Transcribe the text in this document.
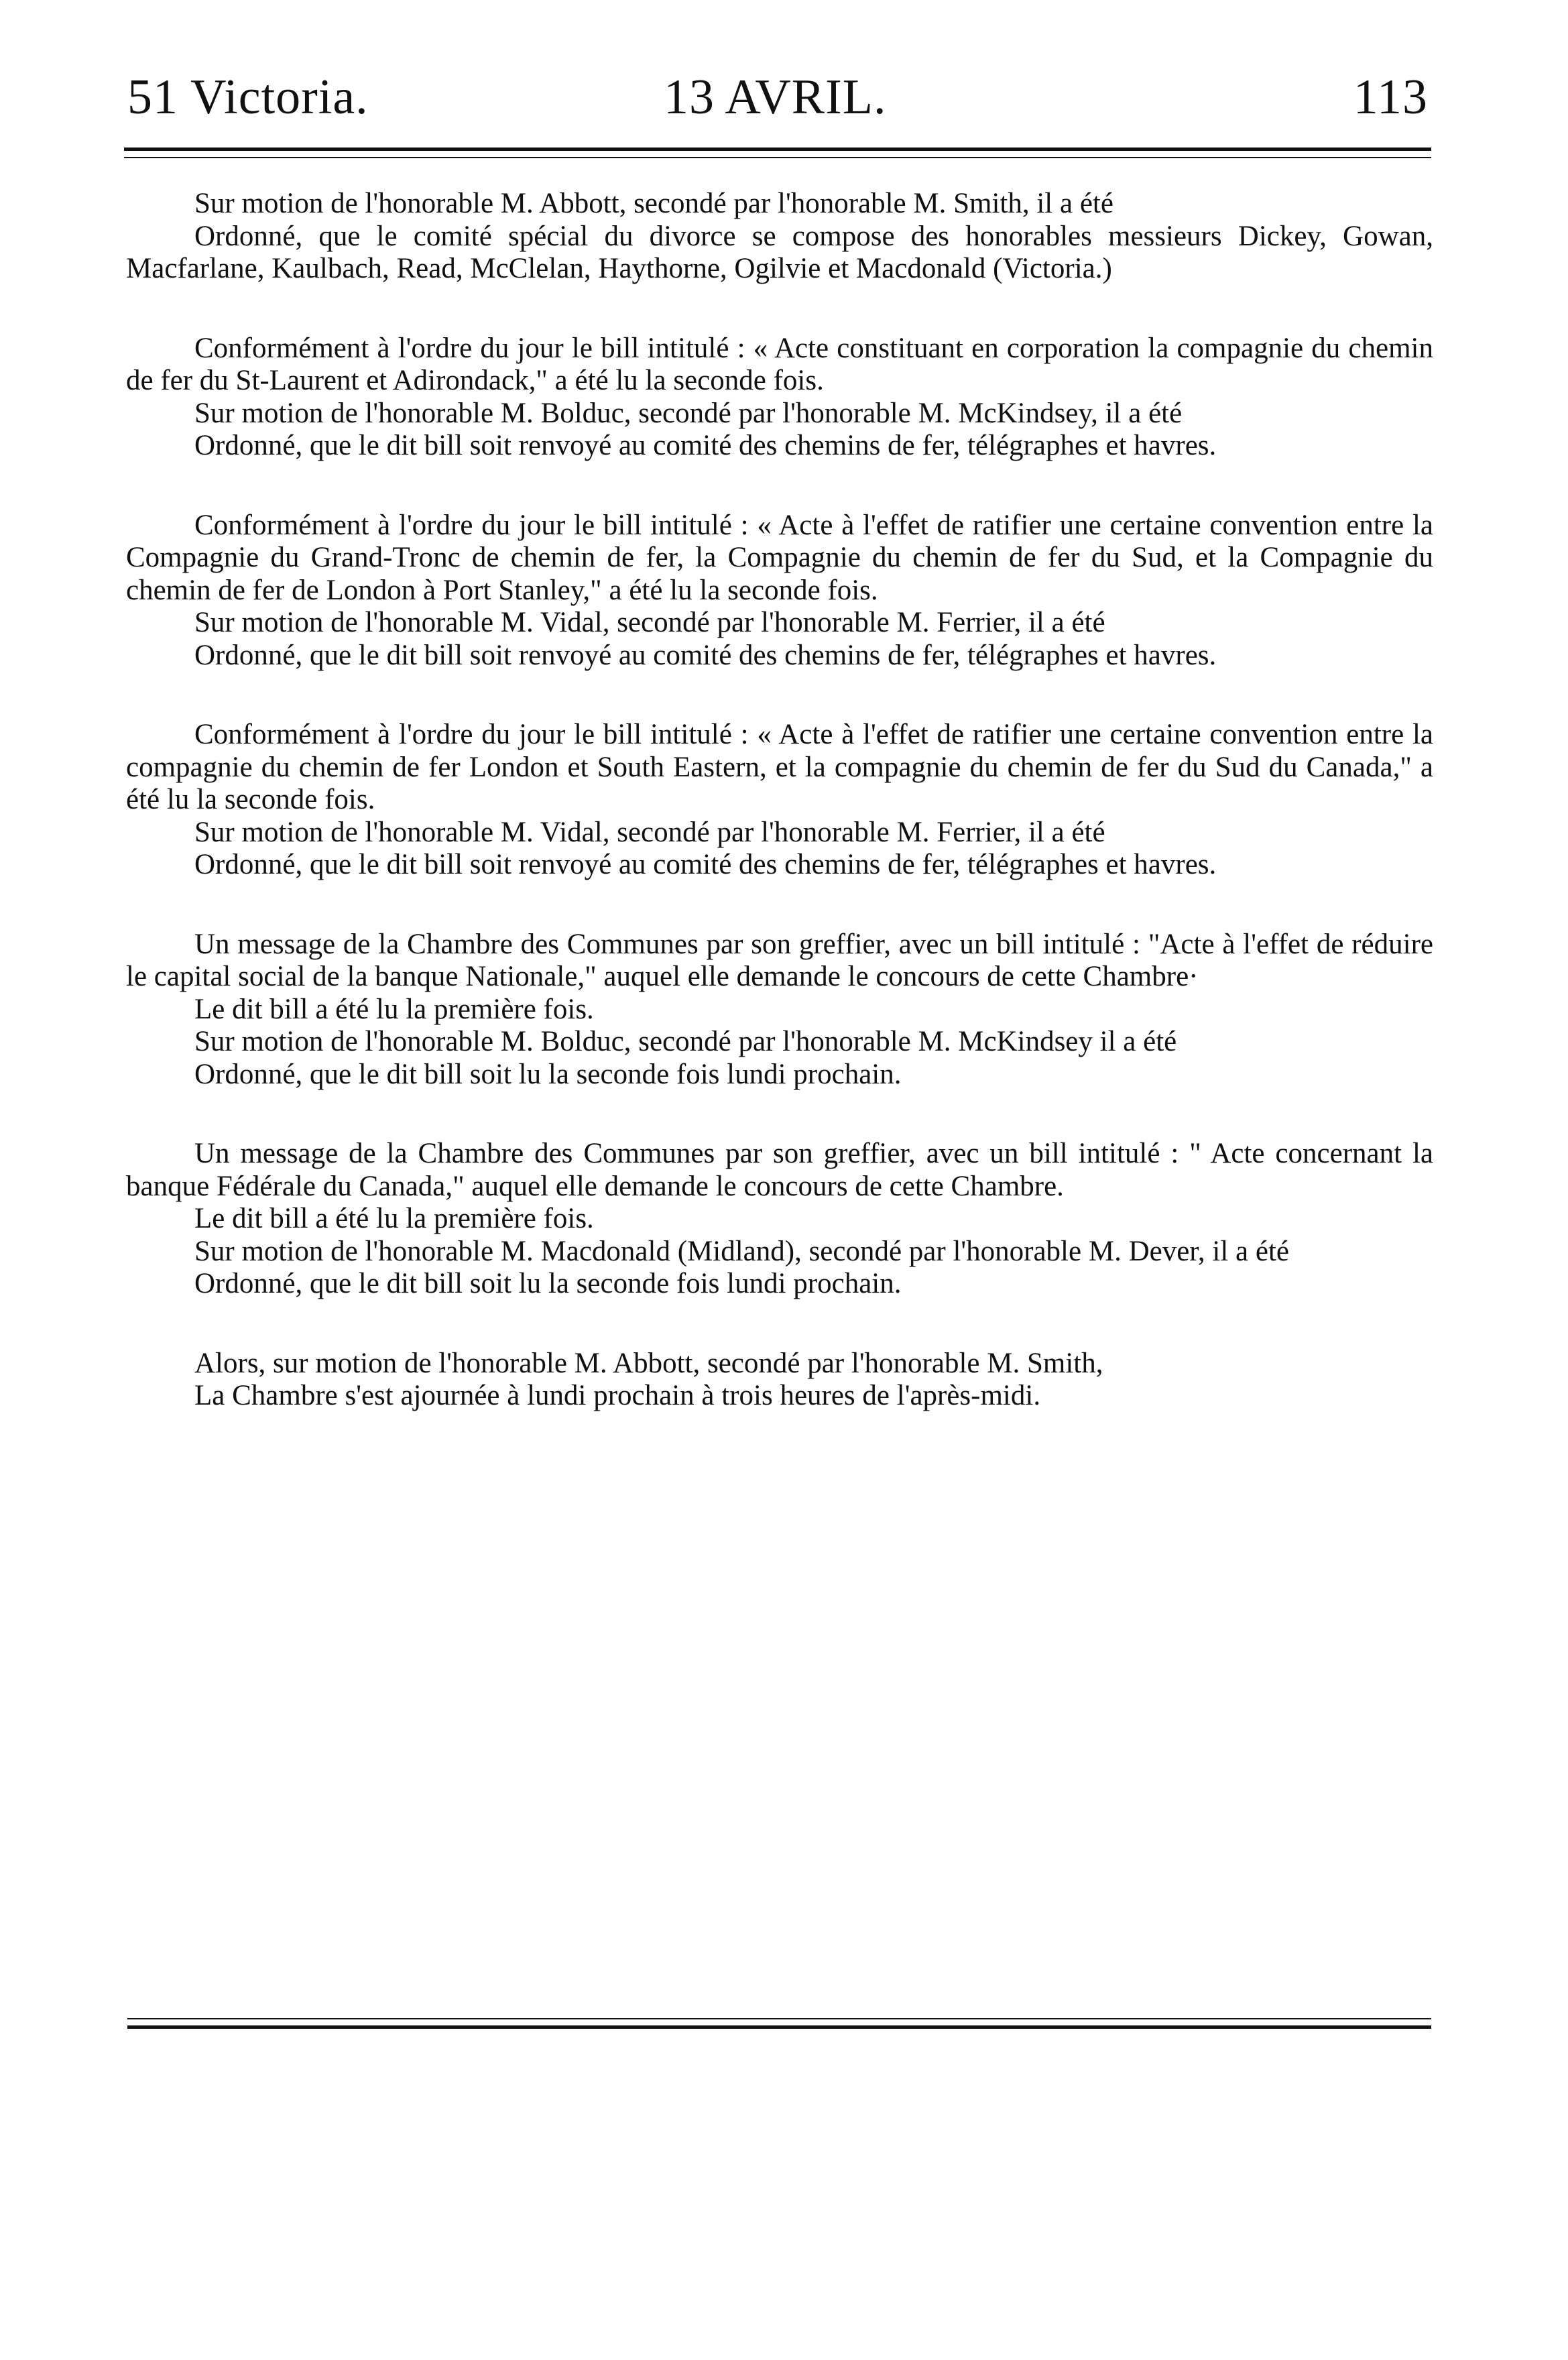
51 Victoria.	13 AVRIL.	113

Sur motion de l'honorable M. Abbott, secondé par l'honorable M. Smith, il a été

Ordonné, que le comité spécial du divorce se compose des honorables messieurs Dickey, Gowan, Macfarlane, Kaulbach, Read, McClelan, Haythorne, Ogilvie et Macdonald (Victoria.)

Conformément à l'ordre du jour le bill intitulé : « Acte constituant en corporation la compagnie du chemin de fer du St-Laurent et Adirondack," a été lu la seconde fois.

Sur motion de l'honorable M. Bolduc, secondé par l'honorable M. McKindsey, il a été

Ordonné, que le dit bill soit renvoyé au comité des chemins de fer, télégraphes et havres.

Conformément à l'ordre du jour le bill intitulé : « Acte à l'effet de ratifier une certaine convention entre la Compagnie du Grand-Tronc de chemin de fer, la Compagnie du chemin de fer du Sud, et la Compagnie du chemin de fer de London à Port Stanley," a été lu la seconde fois.

Sur motion de l'honorable M. Vidal, secondé par l'honorable M. Ferrier, il a été

Ordonné, que le dit bill soit renvoyé au comité des chemins de fer, télégraphes et havres.

Conformément à l'ordre du jour le bill intitulé : « Acte à l'effet de ratifier une certaine convention entre la compagnie du chemin de fer London et South Eastern, et la compagnie du chemin de fer du Sud du Canada," a été lu la seconde fois.

Sur motion de l'honorable M. Vidal, secondé par l'honorable M. Ferrier, il a été

Ordonné, que le dit bill soit renvoyé au comité des chemins de fer, télégraphes et havres.

Un message de la Chambre des Communes par son greffier, avec un bill intitulé : "Acte à l'effet de réduire le capital social de la banque Nationale," auquel elle demande le concours de cette Chambre·

Le dit bill a été lu la première fois.

Sur motion de l'honorable M. Bolduc, secondé par l'honorable M. McKindsey il a été

Ordonné, que le dit bill soit lu la seconde fois lundi prochain.

Un message de la Chambre des Communes par son greffier, avec un bill intitulé : " Acte concernant la banque Fédérale du Canada," auquel elle demande le concours de cette Chambre.

Le dit bill a été lu la première fois.

Sur motion de l'honorable M. Macdonald (Midland), secondé par l'honorable M. Dever, il a été

Ordonné, que le dit bill soit lu la seconde fois lundi prochain.

Alors, sur motion de l'honorable M. Abbott, secondé par l'honorable M. Smith,

La Chambre s'est ajournée à lundi prochain à trois heures de l'après-midi.
